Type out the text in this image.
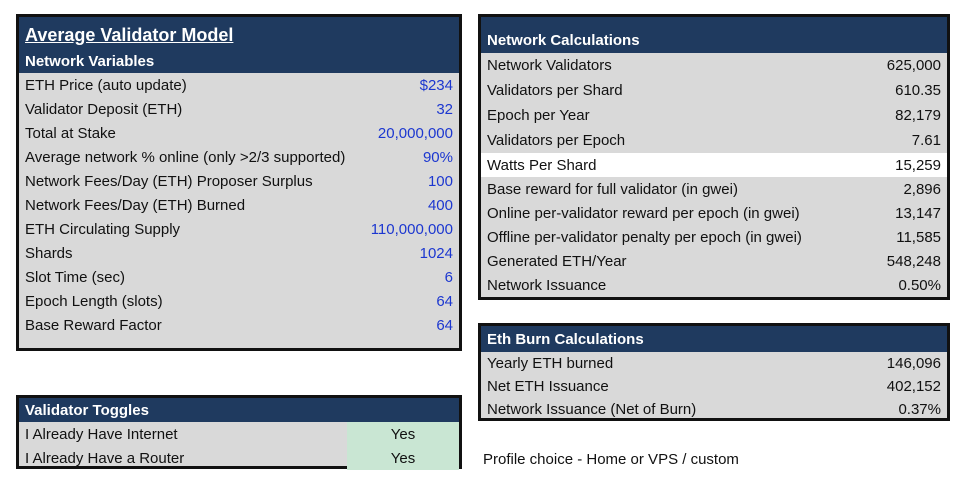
Average Validator Model
Network Variables
ETH Price (auto update)	$234
Validator Deposit (ETH)	32
Total at Stake	20,000,000
Average network % online (only >2/3 supported)	90%
Network Fees/Day (ETH) Proposer Surplus	100
Network Fees/Day (ETH) Burned	400
ETH Circulating Supply	110,000,000
Shards	1024
Slot Time (sec)	6
Epoch Length (slots)	64
Base Reward Factor	64
Validator Toggles
I Already Have Internet	Yes
I Already Have a Router	Yes
Network Calculations
Network Validators	625,000
Validators per Shard	610.35
Epoch per Year	82,179
Validators per Epoch	7.61
Watts Per Shard	15,259
Base reward for full validator (in gwei)	2,896
Online per-validator reward per epoch (in gwei)	13,147
Offline per-validator penalty per epoch (in gwei)	11,585
Generated ETH/Year	548,248
Network Issuance	0.50%
Eth Burn Calculations
Yearly ETH burned	146,096
Net ETH Issuance	402,152
Network Issuance (Net of Burn)	0.37%
Profile choice - Home or VPS / custom
